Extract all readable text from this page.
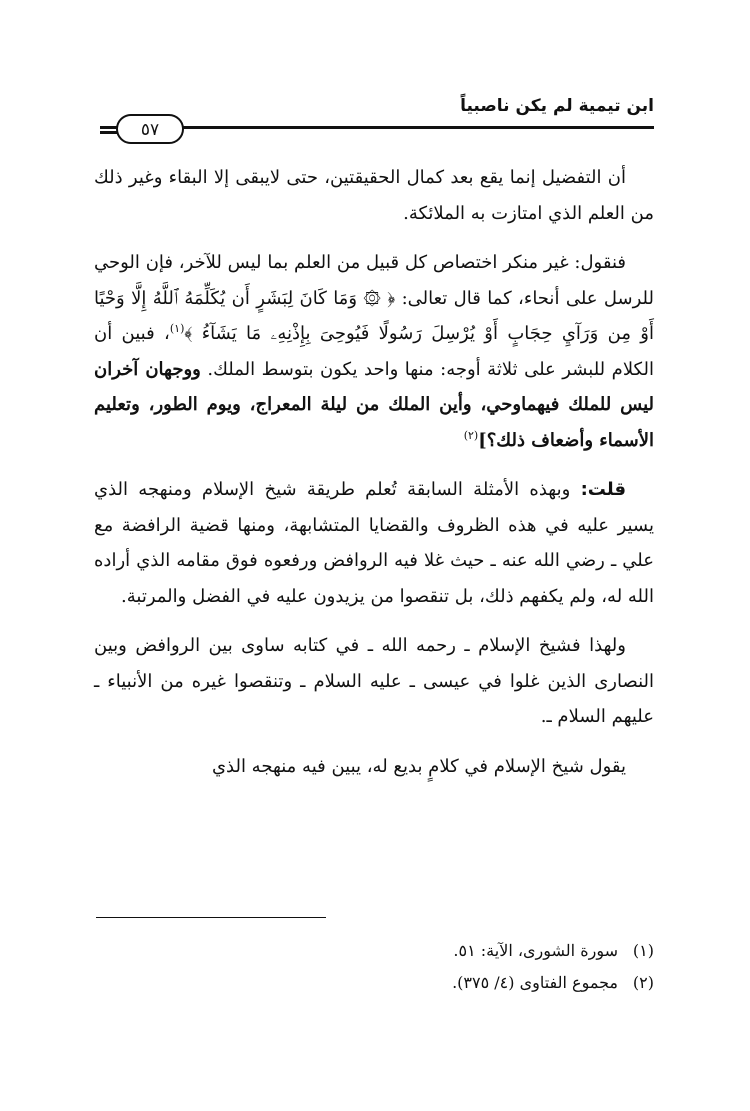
ابن تيمية لم يكن ناصبياً
٥٧

أن التفضيل إنما يقع بعد كمال الحقيقتين، حتى لايبقى إلا البقاء وغير ذلك من العلم الذي امتازت به الملائكة.

فنقول: غير منكر اختصاص كل قبيل من العلم بما ليس للآخر، فإن الوحي للرسل على أنحاء، كما قال تعالى: ﴿ ۞ وَمَا كَانَ لِبَشَرٍ أَن يُكَلِّمَهُ ٱللَّهُ إِلَّا وَحْيًا أَوْ مِن وَرَآيِ حِجَابٍ أَوْ يُرْسِلَ رَسُولًا فَيُوحِىَ بِإِذْنِهِۦ مَا يَشَآءُ ﴾$^{(١)}$، فبين أن الكلام للبشر على ثلاثة أوجه: منها واحد يكون بتوسط الملك. ووجهان آخران ليس للملك فيهماوحي، وأين الملك من ليلة المعراج، ويوم الطور، وتعليم الأسماء وأضعاف ذلك؟]$^{(٢)}$

قلت: وبهذه الأمثلة السابقة تُعلم طريقة شيخ الإسلام ومنهجه الذي يسير عليه في هذه الظروف والقضايا المتشابهة، ومنها قضية الرافضة مع علي ـ رضي الله عنه ـ حيث غلا فيه الروافض ورفعوه فوق مقامه الذي أراده الله له، ولم يكفهم ذلك، بل تنقصوا من يزيدون عليه في الفضل والمرتبة.

ولهذا فشيخ الإسلام ـ رحمه الله ـ في كتابه ساوى بين الروافض وبين النصارى الذين غلوا في عيسى ـ عليه السلام ـ وتنقصوا غيره من الأنبياء ـ عليهم السلام ـ.

يقول شيخ الإسلام في كلامٍ بديع له، يبين فيه منهجه الذي

(١)سورة الشورى، الآية: ٥١.

(٢)مجموع الفتاوى (٤/ ٣٧٥).
